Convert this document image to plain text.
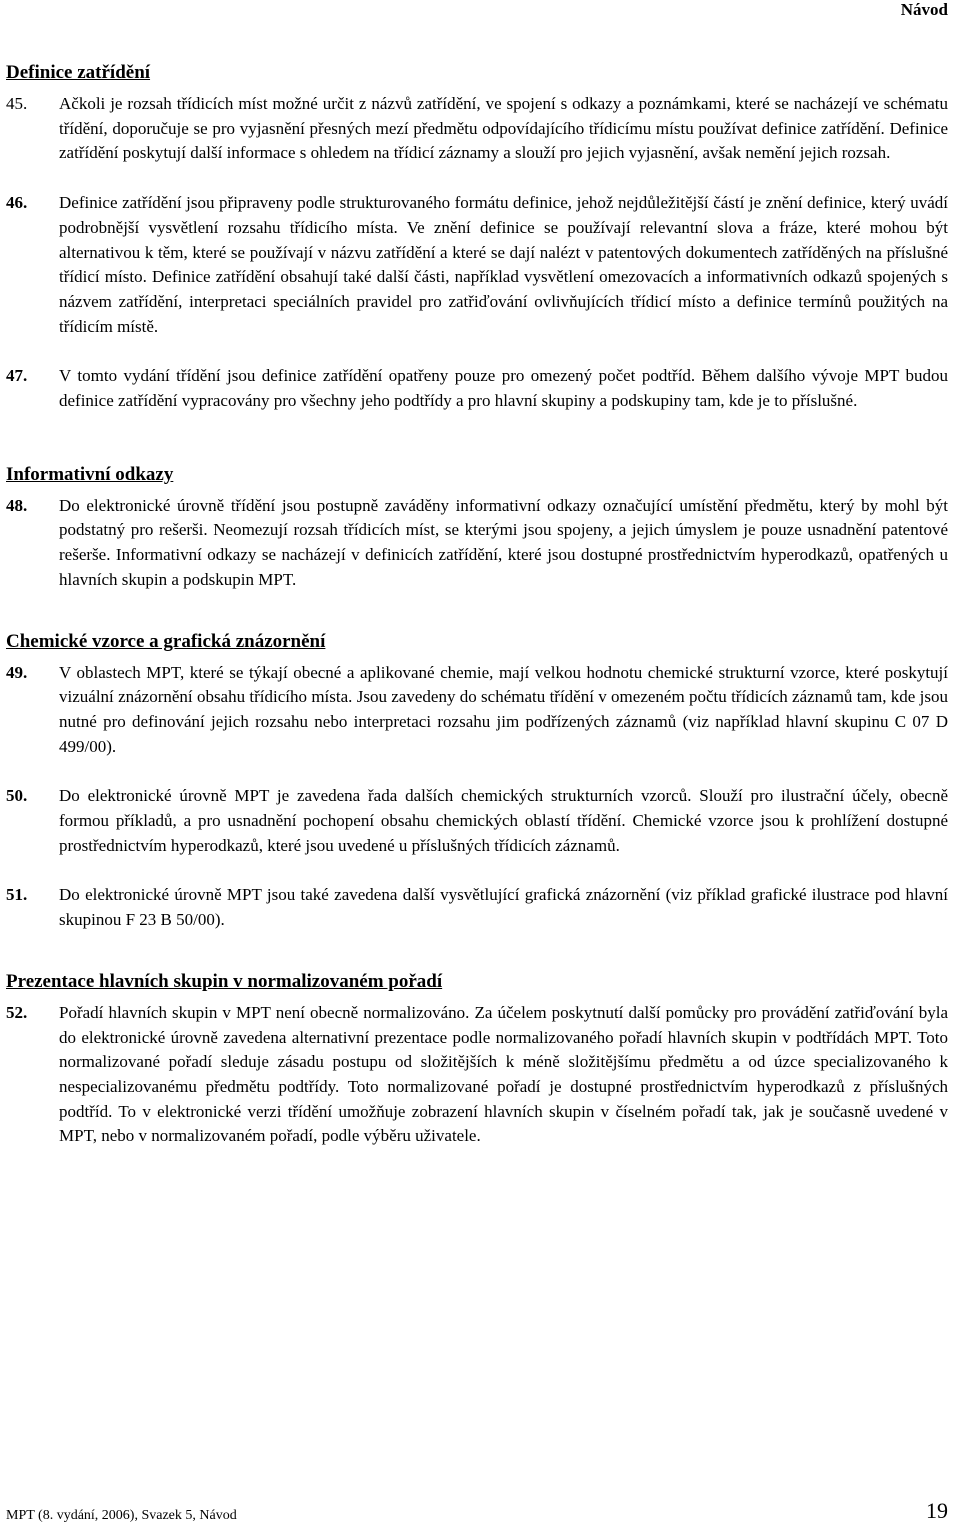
Návod
Definice zatřídění
45.	Ačkoli je rozsah třídicích míst možné určit z názvů zatřídění, ve spojení s odkazy a poznámkami, které se nacházejí ve schématu třídění, doporučuje se pro vyjasnění přesných mezí předmětu odpovídajícího třídicímu místu používat definice zatřídění. Definice zatřídění poskytují další informace s ohledem na třídicí záznamy a slouží pro jejich vyjasnění, avšak nemění jejich rozsah.
46.	Definice zatřídění jsou připraveny podle strukturovaného formátu definice, jehož nejdůležitější částí je znění definice, který uvádí podrobnější vysvětlení rozsahu třídicího místa. Ve znění definice se používají relevantní slova a fráze, které mohou být alternativou k těm, které se používají v názvu zatřídění a které se dají nalézt v patentových dokumentech zatříděných na příslušné třídicí místo. Definice zatřídění obsahují také další části, například vysvětlení omezovacích a informativních odkazů spojených s názvem zatřídění, interpretaci speciálních pravidel pro zatřiďování ovlivňujících třídicí místo a definice termínů použitých na třídicím místě.
47.	V tomto vydání třídění jsou definice zatřídění opatřeny pouze pro omezený počet podtříd. Během dalšího vývoje MPT budou definice zatřídění vypracovány pro všechny jeho podtřídy a pro hlavní skupiny a podskupiny tam, kde je to příslušné.
Informativní odkazy
48.	Do elektronické úrovně třídění jsou postupně zaváděny informativní odkazy označující umístění předmětu, který by mohl být podstatný pro rešerši. Neomezují rozsah třídicích míst, se kterými jsou spojeny, a jejich úmyslem je pouze usnadnění patentové rešerše. Informativní odkazy se nacházejí v definicích zatřídění, které jsou dostupné prostřednictvím hyperodkazů, opatřených u hlavních skupin a podskupin MPT.
Chemické vzorce a grafická znázornění
49.	V oblastech MPT, které se týkají obecné a aplikované chemie, mají velkou hodnotu chemické strukturní vzorce, které poskytují vizuální znázornění obsahu třídicího místa. Jsou zavedeny do schématu třídění v omezeném počtu třídicích záznamů tam, kde jsou nutné pro definování jejich rozsahu nebo interpretaci rozsahu jim podřízených záznamů (viz například hlavní skupinu C 07 D 499/00).
50.	Do elektronické úrovně MPT je zavedena řada dalších chemických strukturních vzorců. Slouží pro ilustrační účely, obecně formou příkladů, a pro usnadnění pochopení obsahu chemických oblastí třídění. Chemické vzorce jsou k prohlížení dostupné prostřednictvím hyperodkazů, které jsou uvedené u příslušných třídicích záznamů.
51.	Do elektronické úrovně MPT jsou také zavedena další vysvětlující grafická znázornění (viz příklad grafické ilustrace pod hlavní skupinou F 23 B 50/00).
Prezentace hlavních skupin v normalizovaném pořadí
52.	Pořadí hlavních skupin v MPT není obecně normalizováno. Za účelem poskytnutí další pomůcky pro provádění zatřiďování byla do elektronické úrovně zavedena alternativní prezentace podle normalizovaného pořadí hlavních skupin v podtřídách MPT. Toto normalizované pořadí sleduje zásadu postupu od složitějších k méně složitějšímu předmětu a od úzce specializovaného k nespecializovanému předmětu podtřídy. Toto normalizované pořadí je dostupné prostřednictvím hyperodkazů z příslušných podtříd. To v elektronické verzi třídění umožňuje zobrazení hlavních skupin v číselném pořadí tak, jak je současně uvedené v MPT, nebo v normalizovaném pořadí, podle výběru uživatele.
MPT (8. vydání, 2006), Svazek 5, Návod	19
